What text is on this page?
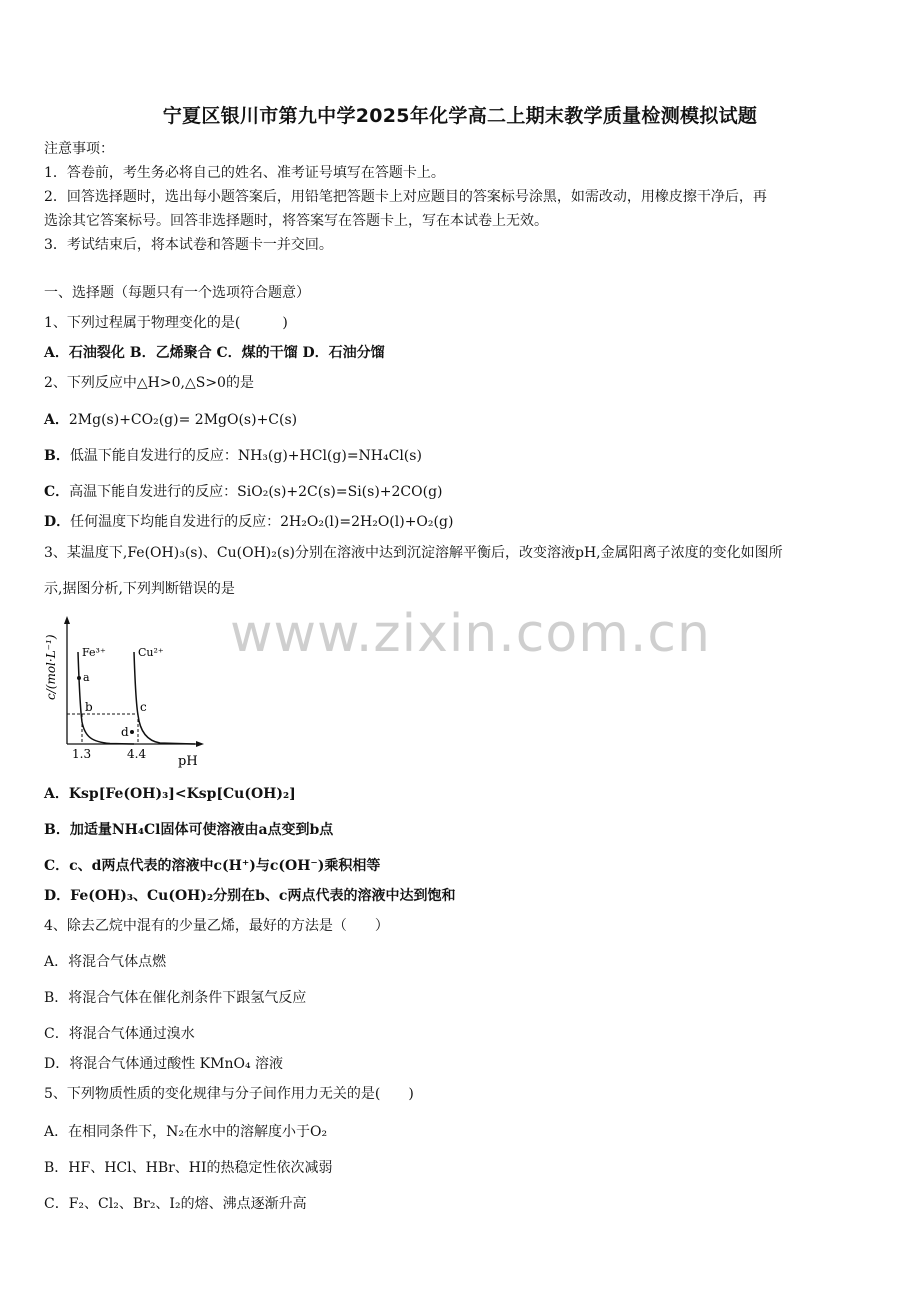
宁夏区银川市第九中学2025年化学高二上期末教学质量检测模拟试题
注意事项：
1．答卷前，考生务必将自己的姓名、准考证号填写在答题卡上。
2．回答选择题时，选出每小题答案后，用铅笔把答题卡上对应题目的答案标号涂黑，如需改动，用橡皮擦干净后，再
选涂其它答案标号。回答非选择题时，将答案写在答题卡上，写在本试卷上无效。
3．考试结束后，将本试卷和答题卡一并交回。
一、选择题（每题只有一个选项符合题意）
1、下列过程属于物理变化的是(　　　)
A．石油裂化 B．乙烯聚合 C．煤的干馏 D．石油分馏
2、下列反应中△H>0,△S>0的是
A．2Mg(s)+CO₂(g)= 2MgO(s)+C(s)
B．低温下能自发进行的反应：NH₃(g)+HCl(g)=NH₄Cl(s)
C．高温下能自发进行的反应：SiO₂(s)+2C(s)=Si(s)+2CO(g)
D．任何温度下均能自发进行的反应：2H₂O₂(l)=2H₂O(l)+O₂(g)
3、某温度下,Fe(OH)₃(s)、Cu(OH)₂(s)分别在溶液中达到沉淀溶解平衡后，改变溶液pH,金属阳离子浓度的变化如图所
示,据图分析,下列判断错误的是
c/(mol·L⁻¹)
pH
Fe³⁺	Cu²⁺
a
b	c
d
1.3	4.4
www.zixin.com.cn
A．Ksp[Fe(OH)₃]<Ksp[Cu(OH)₂]
B．加适量NH₄Cl固体可使溶液由a点变到b点
C．c、d两点代表的溶液中c(H⁺)与c(OH⁻)乘积相等
D．Fe(OH)₃、Cu(OH)₂分别在b、c两点代表的溶液中达到饱和
4、除去乙烷中混有的少量乙烯，最好的方法是（　　）
A．将混合气体点燃
B．将混合气体在催化剂条件下跟氢气反应
C．将混合气体通过溴水
D．将混合气体通过酸性 KMnO₄ 溶液
5、下列物质性质的变化规律与分子间作用力无关的是(　　)
A．在相同条件下，N₂在水中的溶解度小于O₂
B．HF、HCl、HBr、HI的热稳定性依次减弱
C．F₂、Cl₂、Br₂、I₂的熔、沸点逐渐升高
